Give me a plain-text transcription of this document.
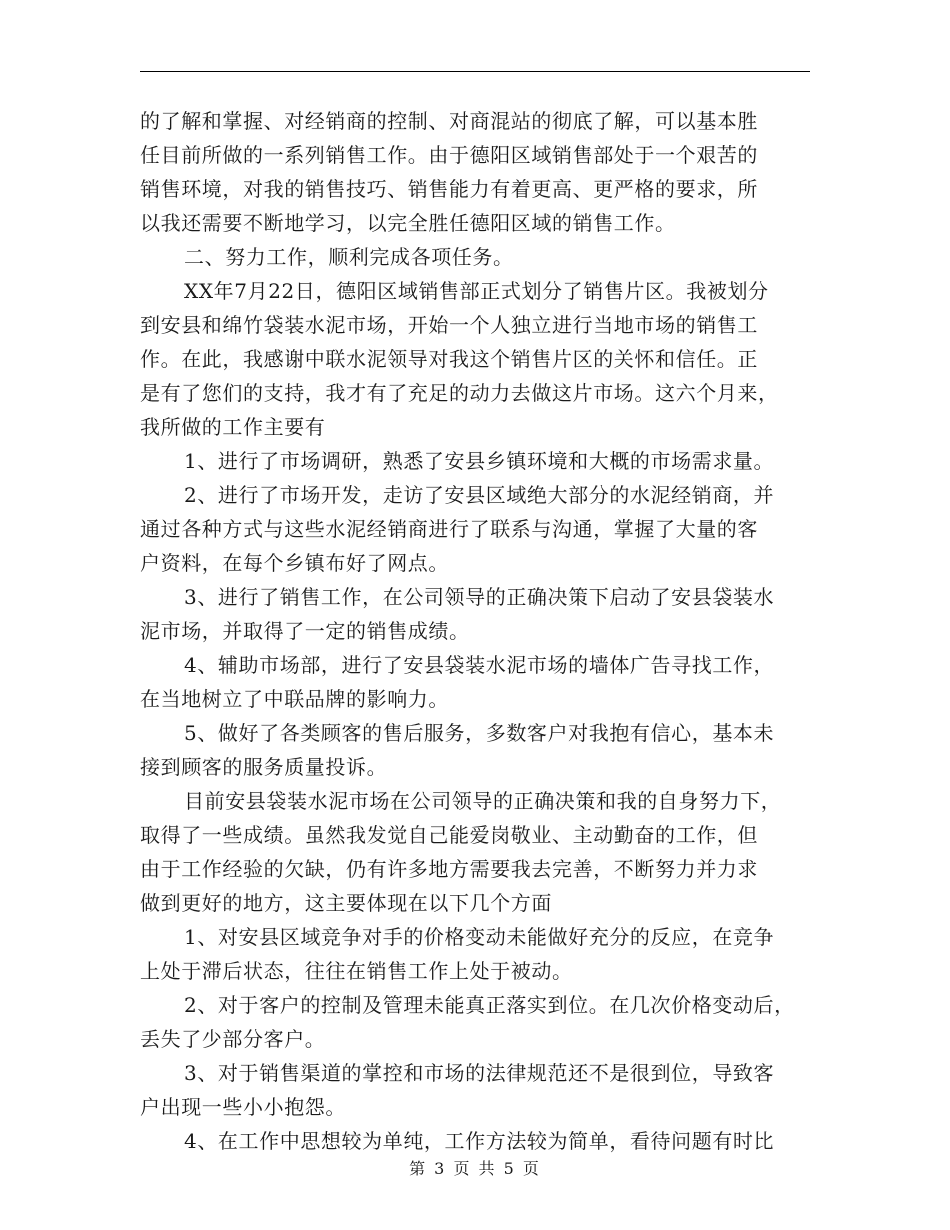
的了解和掌握、对经销商的控制、对商混站的彻底了解，可以基本胜
任目前所做的一系列销售工作。由于德阳区域销售部处于一个艰苦的
销售环境，对我的销售技巧、销售能力有着更高、更严格的要求，所
以我还需要不断地学习，以完全胜任德阳区域的销售工作。
二、努力工作，顺利完成各项任务。
XX年7月22日，德阳区域销售部正式划分了销售片区。我被划分
到安县和绵竹袋装水泥市场，开始一个人独立进行当地市场的销售工
作。在此，我感谢中联水泥领导对我这个销售片区的关怀和信任。正
是有了您们的支持，我才有了充足的动力去做这片市场。这六个月来，
我所做的工作主要有
1、进行了市场调研，熟悉了安县乡镇环境和大概的市场需求量。
2、进行了市场开发，走访了安县区域绝大部分的水泥经销商，并
通过各种方式与这些水泥经销商进行了联系与沟通，掌握了大量的客
户资料，在每个乡镇布好了网点。
3、进行了销售工作，在公司领导的正确决策下启动了安县袋装水
泥市场，并取得了一定的销售成绩。
4、辅助市场部，进行了安县袋装水泥市场的墙体广告寻找工作，
在当地树立了中联品牌的影响力。
5、做好了各类顾客的售后服务，多数客户对我抱有信心，基本未
接到顾客的服务质量投诉。
目前安县袋装水泥市场在公司领导的正确决策和我的自身努力下，
取得了一些成绩。虽然我发觉自己能爱岗敬业、主动勤奋的工作，但
由于工作经验的欠缺，仍有许多地方需要我去完善，不断努力并力求
做到更好的地方，这主要体现在以下几个方面
1、对安县区域竞争对手的价格变动未能做好充分的反应，在竞争
上处于滞后状态，往往在销售工作上处于被动。
2、对于客户的控制及管理未能真正落实到位。在几次价格变动后，
丢失了少部分客户。
3、对于销售渠道的掌控和市场的法律规范还不是很到位，导致客
户出现一些小小抱怨。
4、在工作中思想较为单纯，工作方法较为简单，看待问题有时比
第 3 页 共 5 页
